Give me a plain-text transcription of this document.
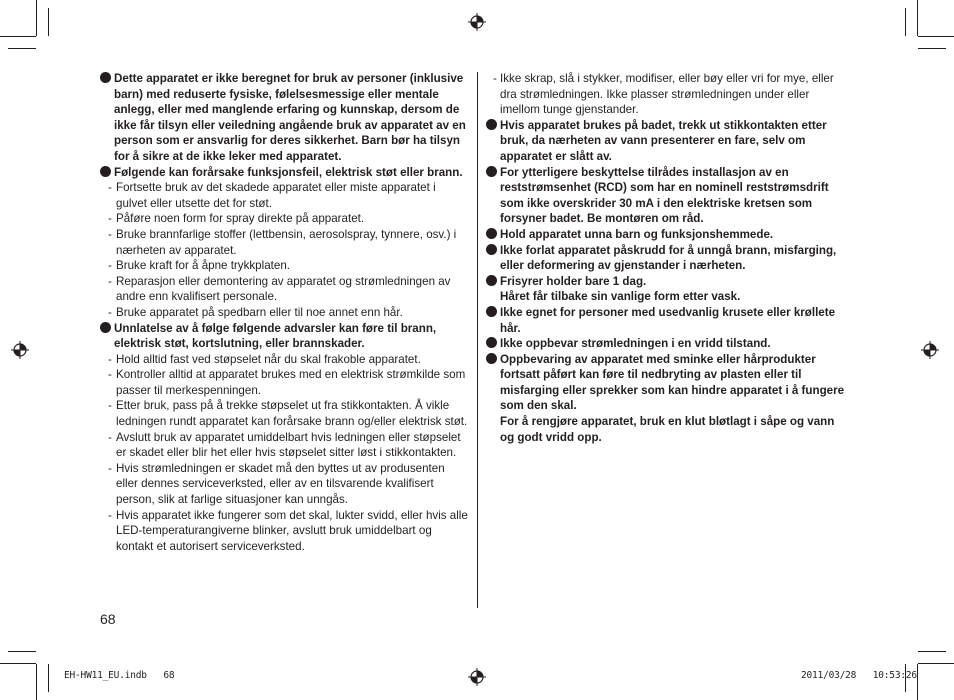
Dette apparatet er ikke beregnet for bruk av personer (inklusive barn) med reduserte fysiske, følelsesmessige eller mentale anlegg, eller med manglende erfaring og kunnskap, dersom de ikke får tilsyn eller veiledning angående bruk av apparatet av en person som er ansvarlig for deres sikkerhet. Barn bør ha tilsyn for å sikre at de ikke leker med apparatet.

Følgende kan forårsake funksjonsfeil, elektrisk støt eller brann.

- Fortsette bruk av det skadede apparatet eller miste apparatet i gulvet eller utsette det for støt.

- Påføre noen form for spray direkte på apparatet.

- Bruke brannfarlige stoffer (lettbensin, aerosolspray, tynnere, osv.) i nærheten av apparatet.

- Bruke kraft for å åpne trykkplaten.

- Reparasjon eller demontering av apparatet og strømledningen av andre enn kvalifisert personale.

- Bruke apparatet på spedbarn eller til noe annet enn hår.

Unnlatelse av å følge følgende advarsler kan føre til brann, elektrisk støt, kortslutning, eller brannskader.

- Hold alltid fast ved støpselet når du skal frakoble apparatet.

- Kontroller alltid at apparatet brukes med en elektrisk strømkilde som passer til merkespenningen.

- Etter bruk, pass på å trekke støpselet ut fra stikkontakten. Å vikle ledningen rundt apparatet kan forårsake brann og/eller elektrisk støt.

- Avslutt bruk av apparatet umiddelbart hvis ledningen eller støpselet er skadet eller blir het eller hvis støpselet sitter løst i stikkontakten.

- Hvis strømledningen er skadet må den byttes ut av produsenten eller dennes serviceverksted, eller av en tilsvarende kvalifisert person, slik at farlige situasjoner kan unngås.

- Hvis apparatet ikke fungerer som det skal, lukter svidd, eller hvis alle LED-temperaturangiverne blinker, avslutt bruk umiddelbart og kontakt et autorisert serviceverksted.

- Ikke skrap, slå i stykker, modifiser, eller bøy eller vri for mye, eller dra strømledningen. Ikke plasser strømledningen under eller imellom tunge gjenstander.

Hvis apparatet brukes på badet, trekk ut stikkontakten etter bruk, da nærheten av vann presenterer en fare, selv om apparatet er slått av.

For ytterligere beskyttelse tilrådes installasjon av en reststrømsenhet (RCD) som har en nominell reststrømsdrift som ikke overskrider 30 mA i den elektriske kretsen som forsyner badet. Be montøren om råd.

Hold apparatet unna barn og funksjonshemmede.

Ikke forlat apparatet påskrudd for å unngå brann, misfarging, eller deformering av gjenstander i nærheten.

Frisyrer holder bare 1 dag.

Håret får tilbake sin vanlige form etter vask.

Ikke egnet for personer med usedvanlig krusete eller krøllete hår.

Ikke oppbevar strømledningen i en vridd tilstand.

Oppbevaring av apparatet med sminke eller hårprodukter fortsatt påført kan føre til nedbryting av plasten eller til misfarging eller sprekker som kan hindre apparatet i å fungere som den skal.

For å rengjøre apparatet, bruk en klut bløtlagt i såpe og vann og godt vridd opp.

68
EH-HW11_EU.indb   68	2011/03/28   10:53:26
